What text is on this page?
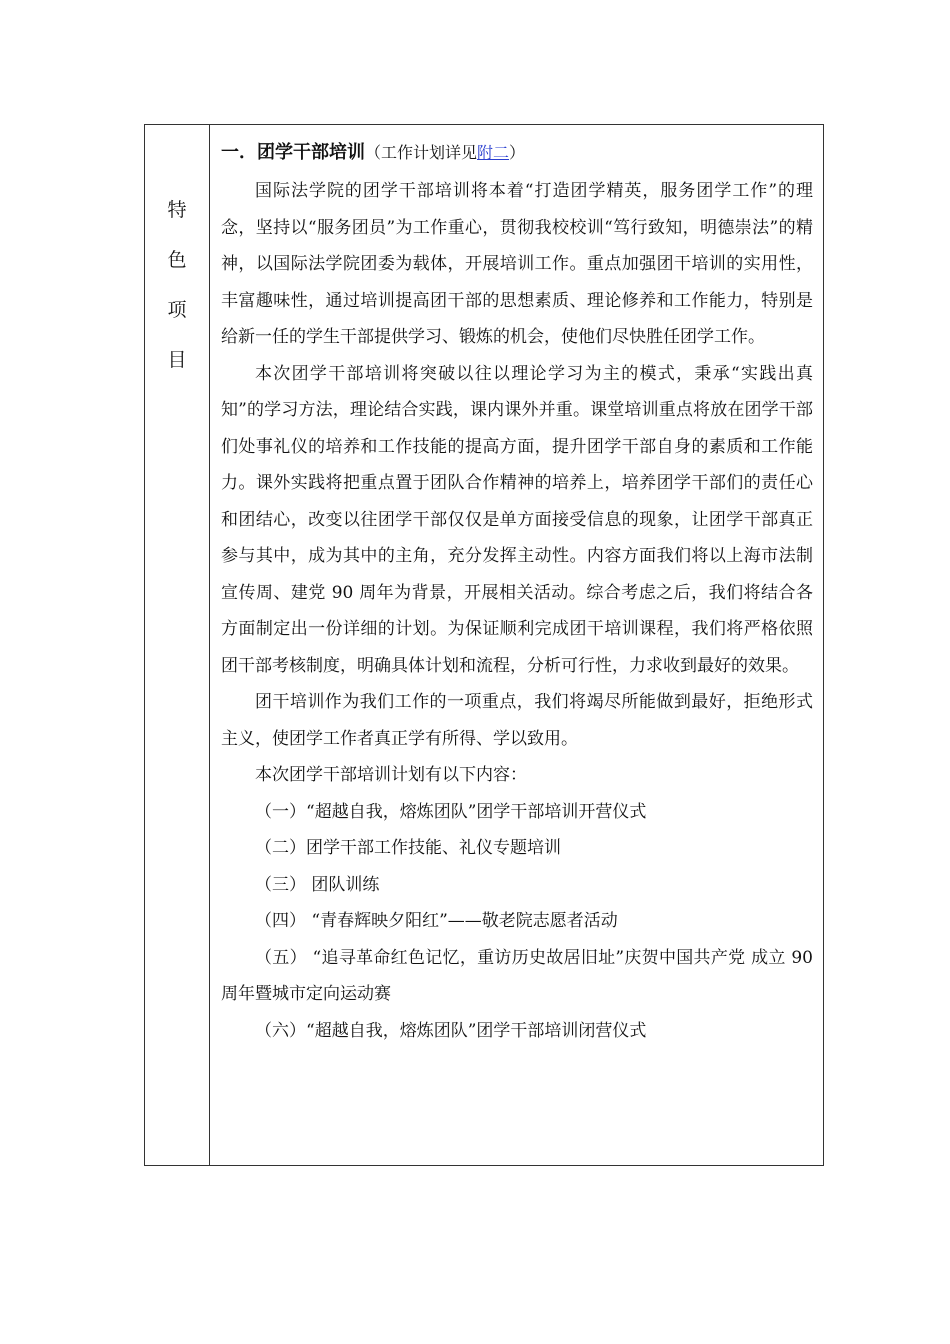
特
色
项
目
一．团学干部培训（工作计划详见附二）

国际法学院的团学干部培训将本着“打造团学精英，服务团学工作”的理念，坚持以“服务团员”为工作重心，贯彻我校校训“笃行致知，明德崇法”的精神，以国际法学院团委为载体，开展培训工作。重点加强团干培训的实用性，丰富趣味性，通过培训提高团干部的思想素质、理论修养和工作能力，特别是给新一任的学生干部提供学习、锻炼的机会，使他们尽快胜任团学工作。

本次团学干部培训将突破以往以理论学习为主的模式，秉承“实践出真知”的学习方法，理论结合实践，课内课外并重。课堂培训重点将放在团学干部们处事礼仪的培养和工作技能的提高方面，提升团学干部自身的素质和工作能力。课外实践将把重点置于团队合作精神的培养上，培养团学干部们的责任心和团结心，改变以往团学干部仅仅是单方面接受信息的现象，让团学干部真正参与其中，成为其中的主角，充分发挥主动性。内容方面我们将以上海市法制宣传周、建党 90 周年为背景，开展相关活动。综合考虑之后，我们将结合各方面制定出一份详细的计划。为保证顺利完成团干培训课程，我们将严格依照团干部考核制度，明确具体计划和流程，分析可行性，力求收到最好的效果。

团干培训作为我们工作的一项重点，我们将竭尽所能做到最好，拒绝形式主义，使团学工作者真正学有所得、学以致用。

本次团学干部培训计划有以下内容：

（一）“超越自我，熔炼团队”团学干部培训开营仪式
（二）团学干部工作技能、礼仪专题培训
（三） 团队训练
（四） “青春辉映夕阳红”——敬老院志愿者活动
（五） “追寻革命红色记忆，重访历史故居旧址”庆贺中国共产党 成立 90 周年暨城市定向运动赛
（六）“超越自我，熔炼团队”团学干部培训闭营仪式
